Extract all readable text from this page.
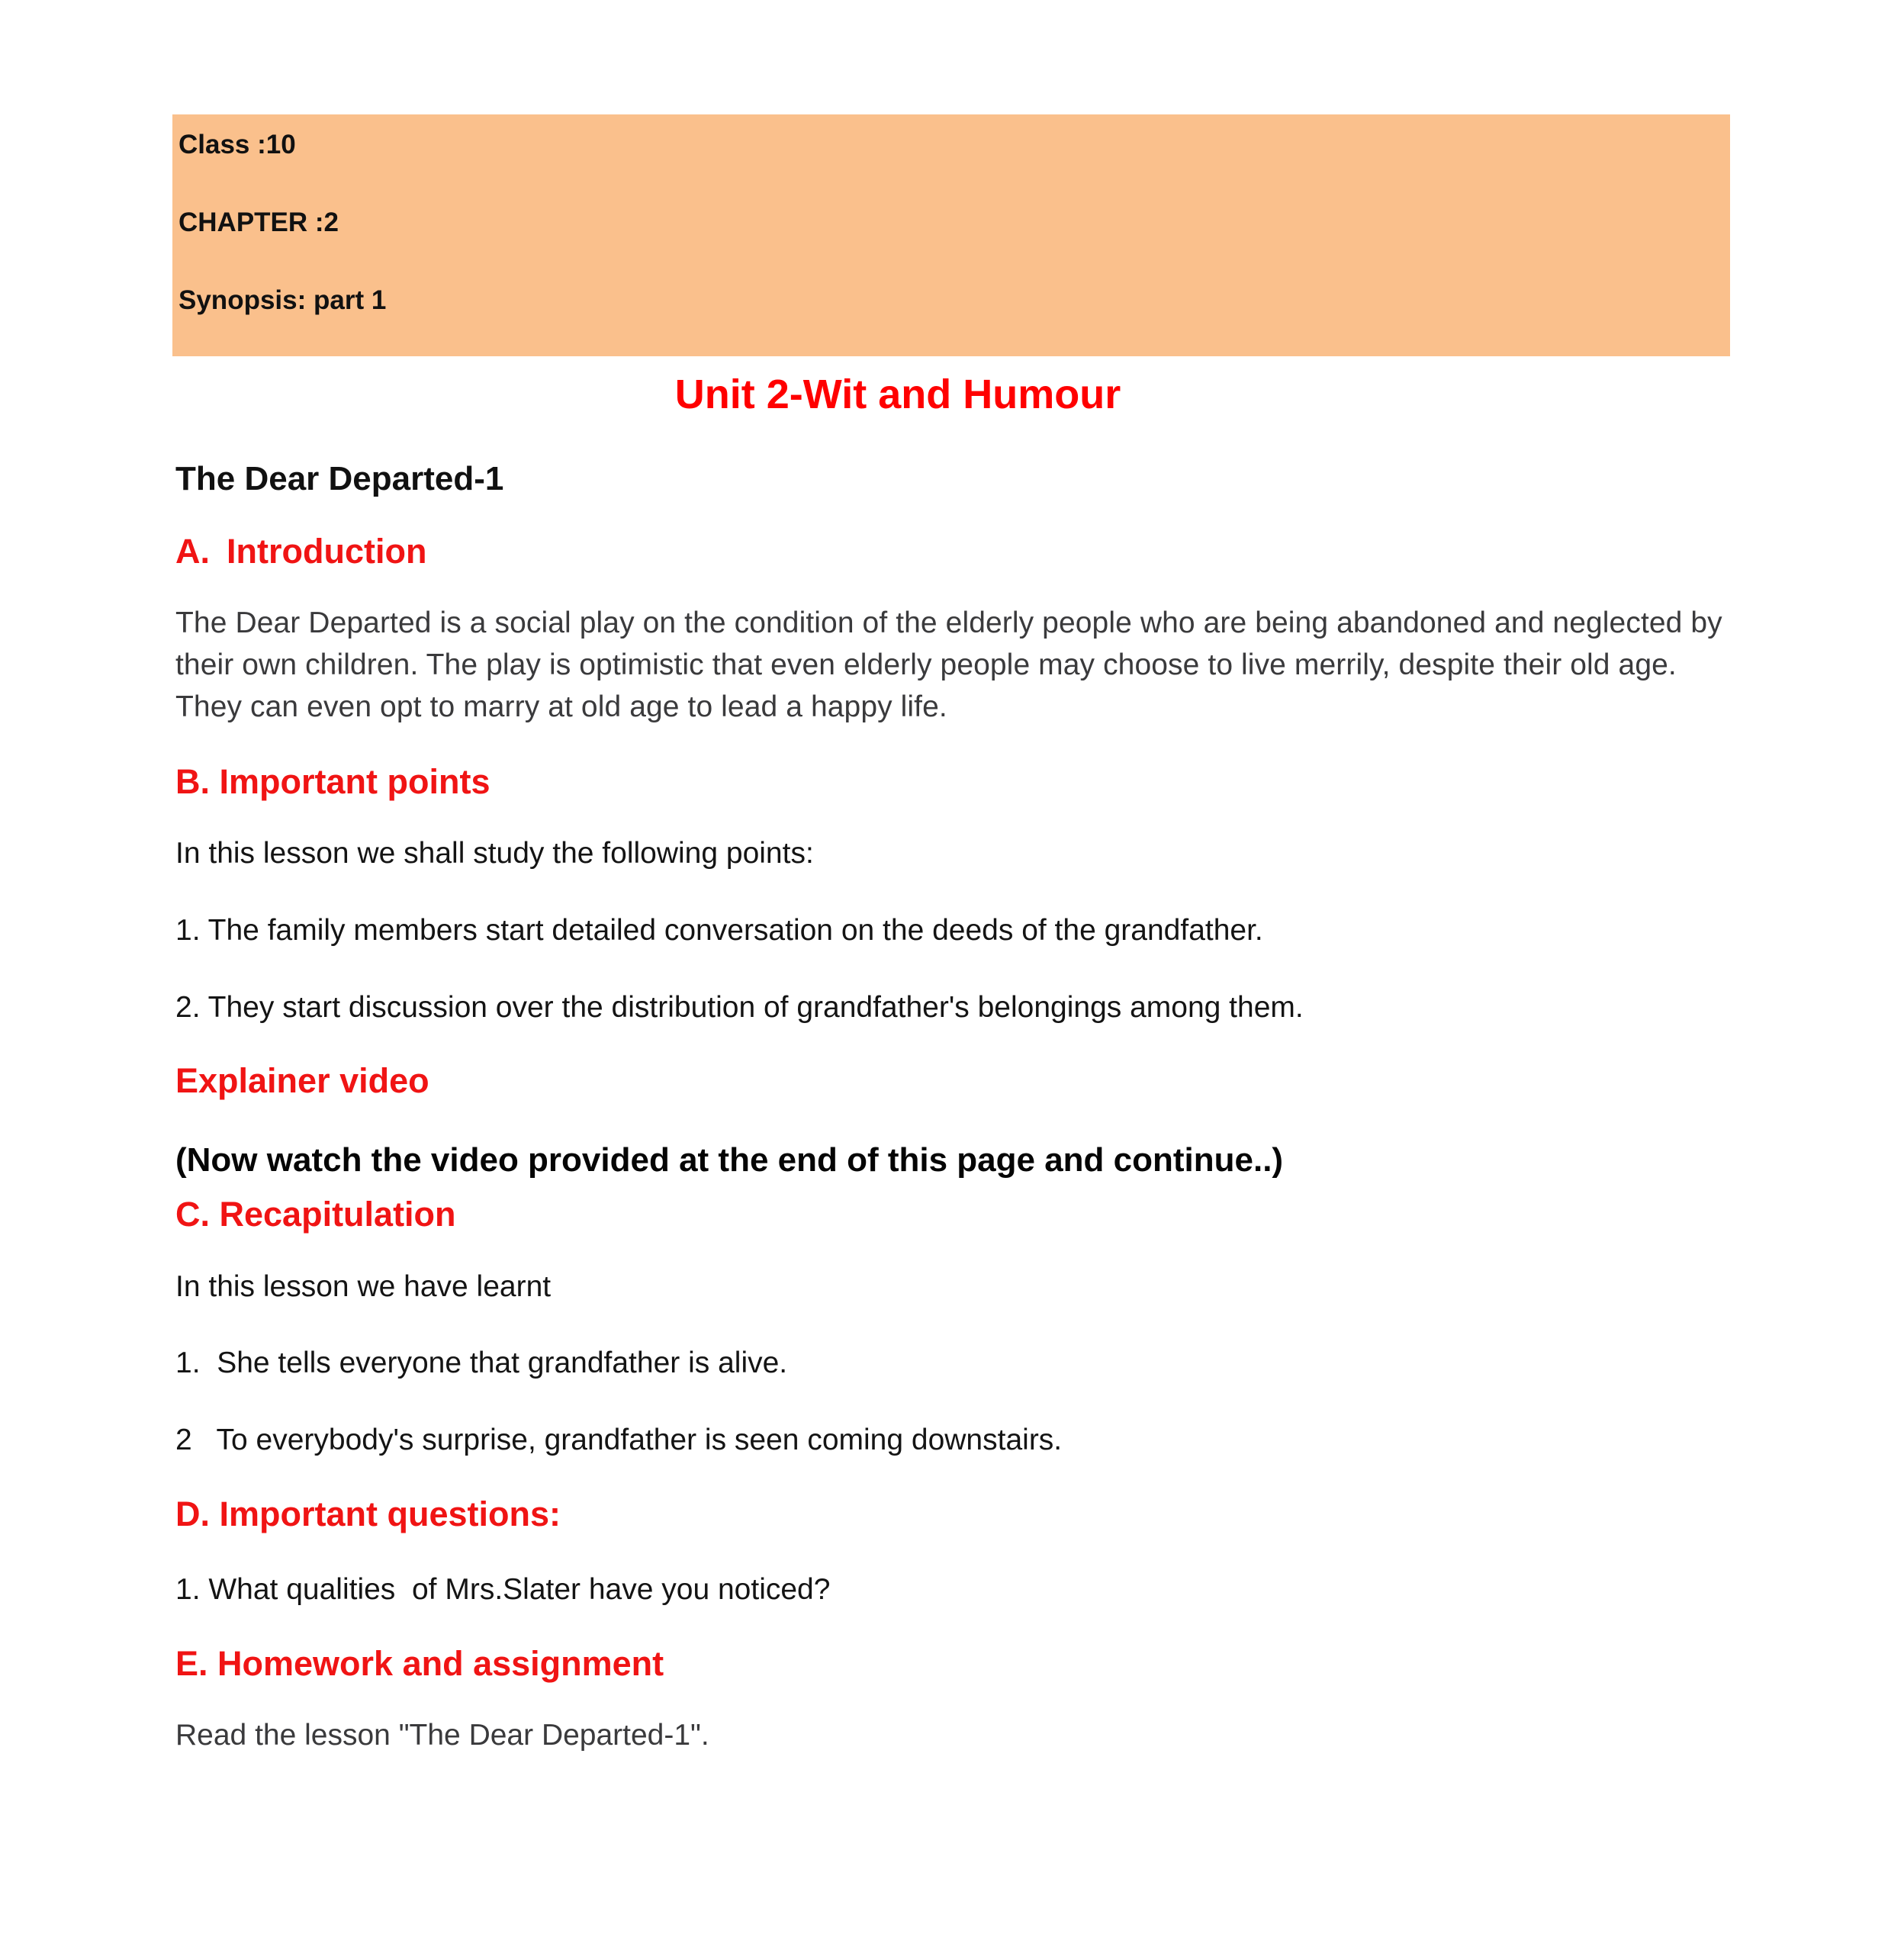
Class :10
CHAPTER :2
Synopsis: part 1
Unit 2-Wit and Humour
The Dear Departed-1
A. Introduction
The Dear Departed is a social play on the condition of the elderly people who are being abandoned and neglected by their own children. The play is optimistic that even elderly people may choose to live merrily, despite their old age. They can even opt to marry at old age to lead a happy life.
B. Important points
In this lesson we shall study the following points:
1. The family members start detailed conversation on the deeds of the grandfather.
2. They start discussion over the distribution of grandfather's belongings among them.
Explainer video
(Now watch the video provided at the end of this page and continue..)
C. Recapitulation
In this lesson we have learnt
1.  She tells everyone that grandfather is alive.
2   To everybody's surprise, grandfather is seen coming downstairs.
D. Important questions:
1. What qualities  of Mrs.Slater have you noticed?
E. Homework and assignment
Read the lesson "The Dear Departed-1".
